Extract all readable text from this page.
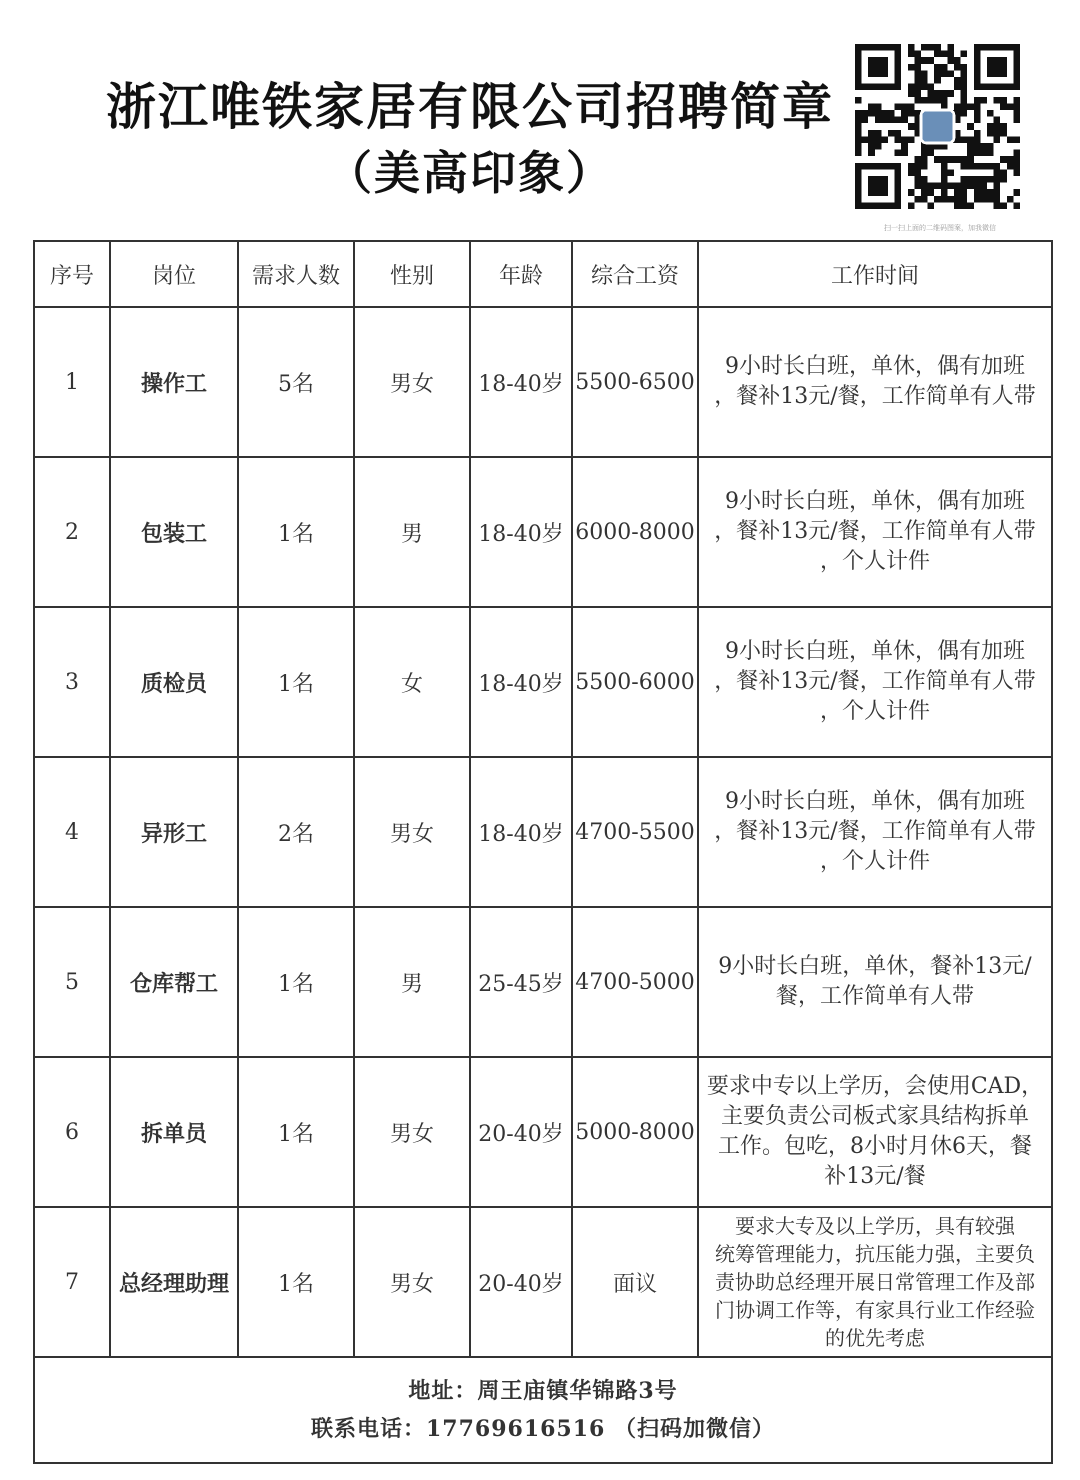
浙江唯铁家居有限公司招聘简章
（美高印象）
扫一扫上面的二维码图案，加我微信
序号	岗位	需求人数	性别	年龄	综合工资	工作时间
1	操作工	5名	男女	18-40岁	5500-6500	9小时长白班，单休，偶有加班
，餐补13元/餐，工作简单有人带

2	包装工	1名	男	18-40岁	6000-8000	9小时长白班，单休，偶有加班
，餐补13元/餐，工作简单有人带
，个人计件

3	质检员	1名	女	18-40岁	5500-6000	9小时长白班，单休，偶有加班
，餐补13元/餐，工作简单有人带
，个人计件

4	异形工	2名	男女	18-40岁	4700-5500	9小时长白班，单休，偶有加班
，餐补13元/餐，工作简单有人带
，个人计件

5	仓库帮工	1名	男	25-45岁	4700-5000	9小时长白班，单休，餐补13元/
餐，工作简单有人带

6	拆单员	1名	男女	20-40岁	5000-8000	要求中专以上学历，会使用CAD，
主要负责公司板式家具结构拆单
工作。包吃，8小时月休6天，餐
补13元/餐

7	总经理助理	1名	男女	20-40岁	面议	要求大专及以上学历，具有较强
统筹管理能力，抗压能力强，主要负
责协助总经理开展日常管理工作及部
门协调工作等，有家具行业工作经验
的优先考虑

地址：周王庙镇华锦路3号
联系电话：17769616516 （扫码加微信）						
